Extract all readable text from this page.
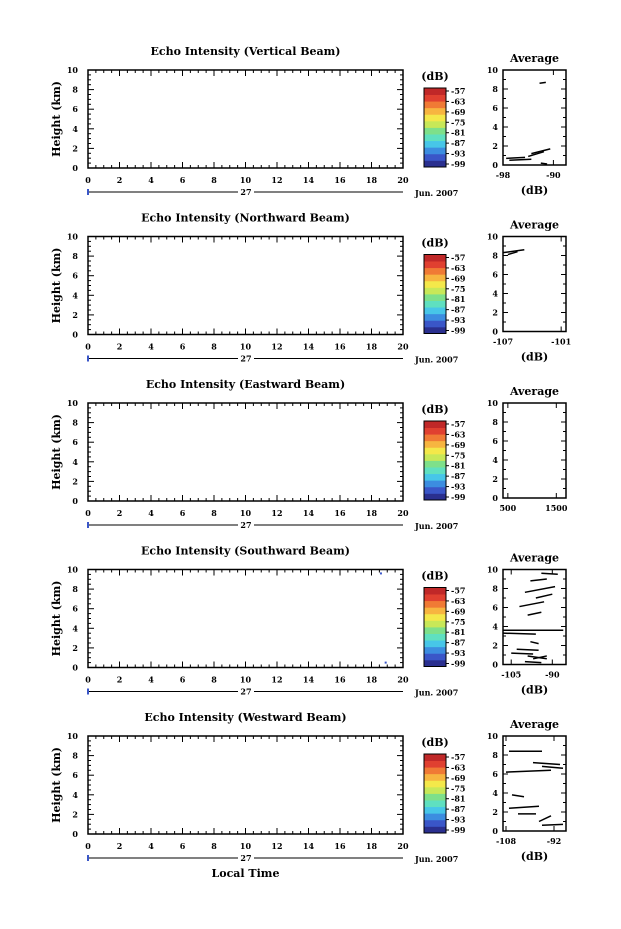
Echo Intensity (Vertical Beam)
0	2	4	6	8	10	12	14	16	18	20
0
2
4
6
8
10
Height (km)
27	Jun. 2007
(dB)
-57
-63
-69
-75
-81
-87
-93
-99
Average
0
2
4
6
8
10
-98	-90
(dB)
Echo Intensity (Northward Beam)
0	2	4	6	8	10	12	14	16	18	20
0
2
4
6
8
10
Height (km)
27	Jun. 2007
(dB)
-57
-63
-69
-75
-81
-87
-93
-99
Average
0
2
4
6
8
10
-107	-101
(dB)
Echo Intensity (Eastward Beam)
0	2	4	6	8	10	12	14	16	18	20
0
2
4
6
8
10
Height (km)
27	Jun. 2007
(dB)
-57
-63
-69
-75
-81
-87
-93
-99
Average
0
2
4
6
8
10
500	1500
Echo Intensity (Southward Beam)
0	2	4	6	8	10	12	14	16	18	20
0
2
4
6
8
10
Height (km)
27	Jun. 2007
(dB)
-57
-63
-69
-75
-81
-87
-93
-99
Average
0
2
4
6
8
10
-105	-90
(dB)
Echo Intensity (Westward Beam)
0	2	4	6	8	10	12	14	16	18	20
0
2
4
6
8
10
Height (km)
27	Jun. 2007
Local Time
(dB)
-57
-63
-69
-75
-81
-87
-93
-99
Average
0
2
4
6
8
10
-108	-92
(dB)
